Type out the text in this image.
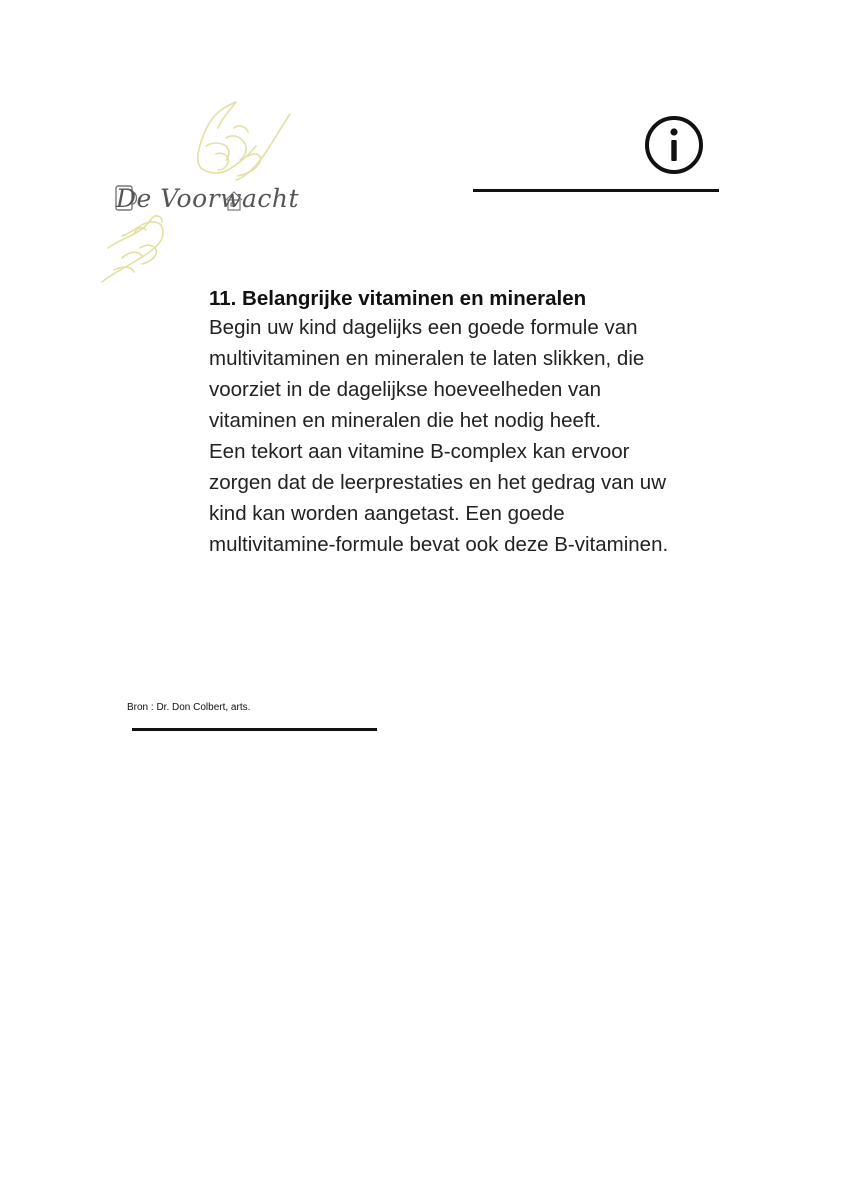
De Voorwacht
11. Belangrijke vitaminen en mineralen

Begin uw kind dagelijks een goede formule van
multivitaminen en mineralen te laten slikken, die
voorziet in de dagelijkse hoeveelheden van
vitaminen en mineralen die het nodig heeft.
Een tekort aan vitamine B-complex kan ervoor
zorgen dat de leerprestaties en het gedrag van uw
kind kan worden aangetast. Een goede
multivitamine-formule bevat ook deze B-vitaminen.

Bron : Dr. Don Colbert, arts.
